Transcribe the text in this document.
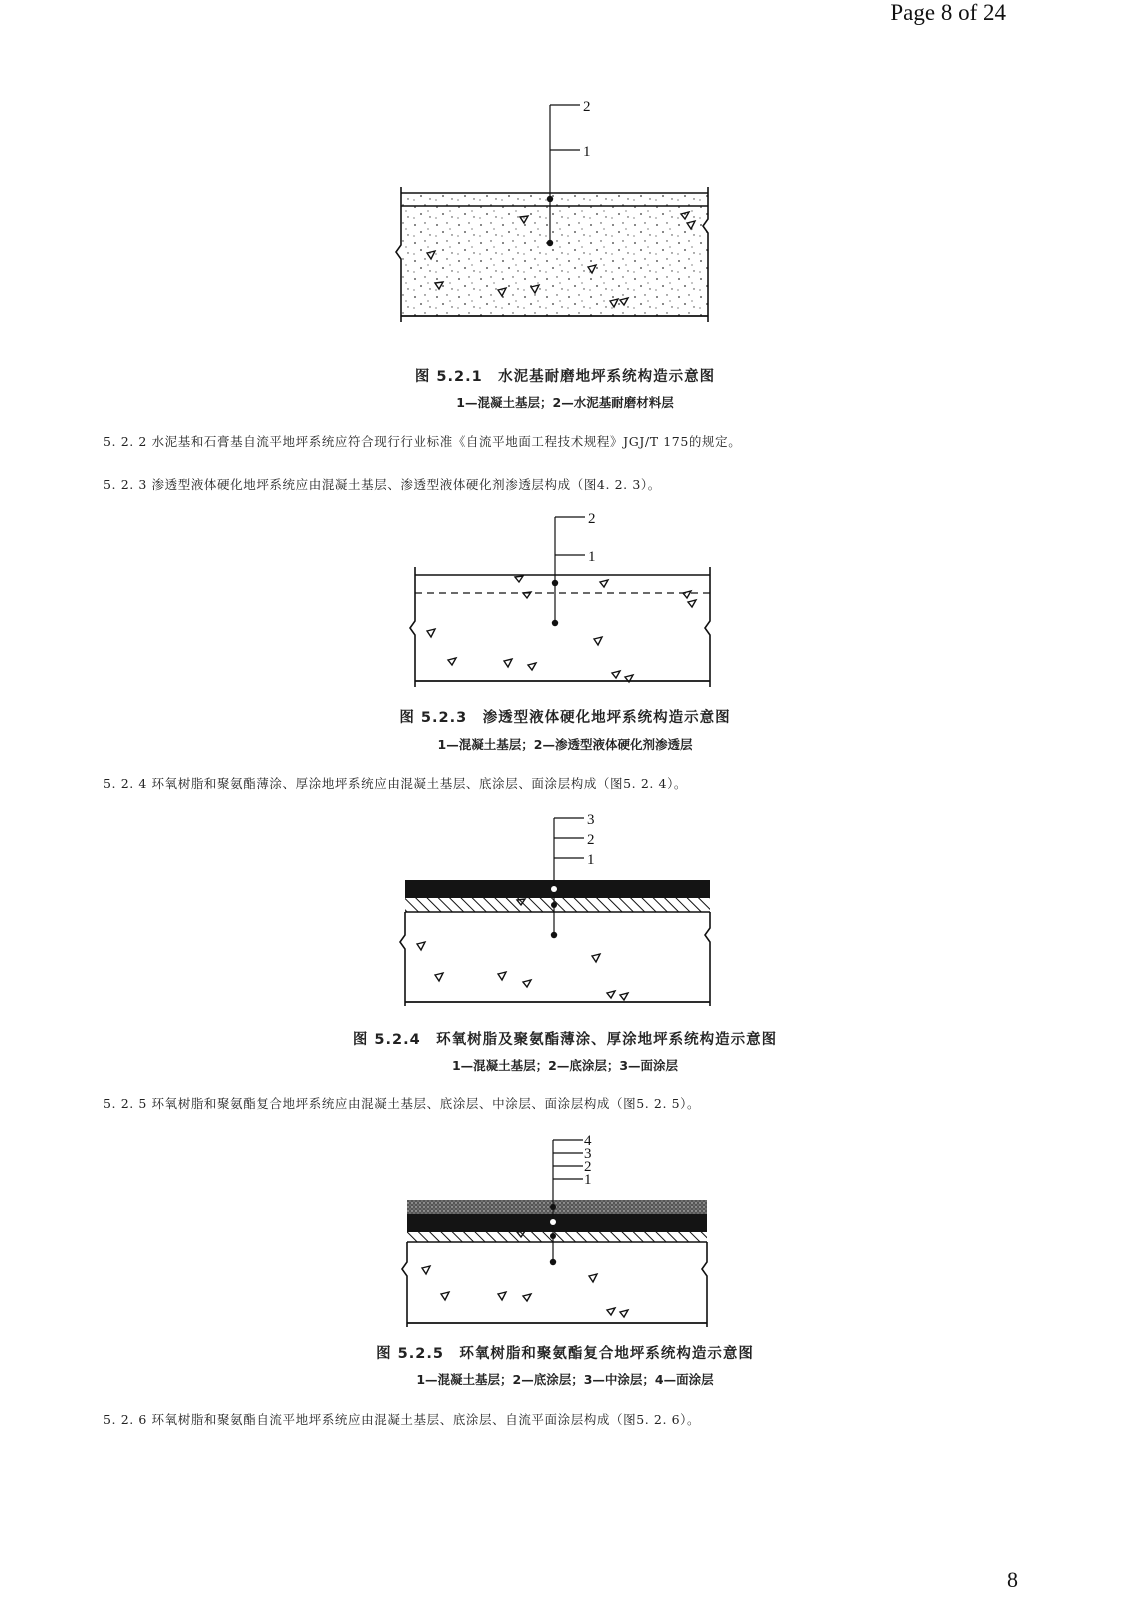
Page 8 of 24
2
1
图 5.2.1　水泥基耐磨地坪系统构造示意图
1—混凝土基层；2—水泥基耐磨材料层
5. 2. 2 水泥基和石膏基自流平地坪系统应符合现行行业标准《自流平地面工程技术规程》JGJ/T 175的规定。
5. 2. 3 渗透型液体硬化地坪系统应由混凝土基层、渗透型液体硬化剂渗透层构成（图4. 2. 3）。
2
1
图 5.2.3　渗透型液体硬化地坪系统构造示意图
1—混凝土基层；2—渗透型液体硬化剂渗透层
5. 2. 4 环氧树脂和聚氨酯薄涂、厚涂地坪系统应由混凝土基层、底涂层、面涂层构成（图5. 2. 4）。
3
2
1
图 5.2.4　环氧树脂及聚氨酯薄涂、厚涂地坪系统构造示意图
1—混凝土基层；2—底涂层；3—面涂层
5. 2. 5 环氧树脂和聚氨酯复合地坪系统应由混凝土基层、底涂层、中涂层、面涂层构成（图5. 2. 5）。
4
3
2
1
图 5.2.5　环氧树脂和聚氨酯复合地坪系统构造示意图
1—混凝土基层；2—底涂层；3—中涂层；4—面涂层
5. 2. 6 环氧树脂和聚氨酯自流平地坪系统应由混凝土基层、底涂层、自流平面涂层构成（图5. 2. 6）。
8
